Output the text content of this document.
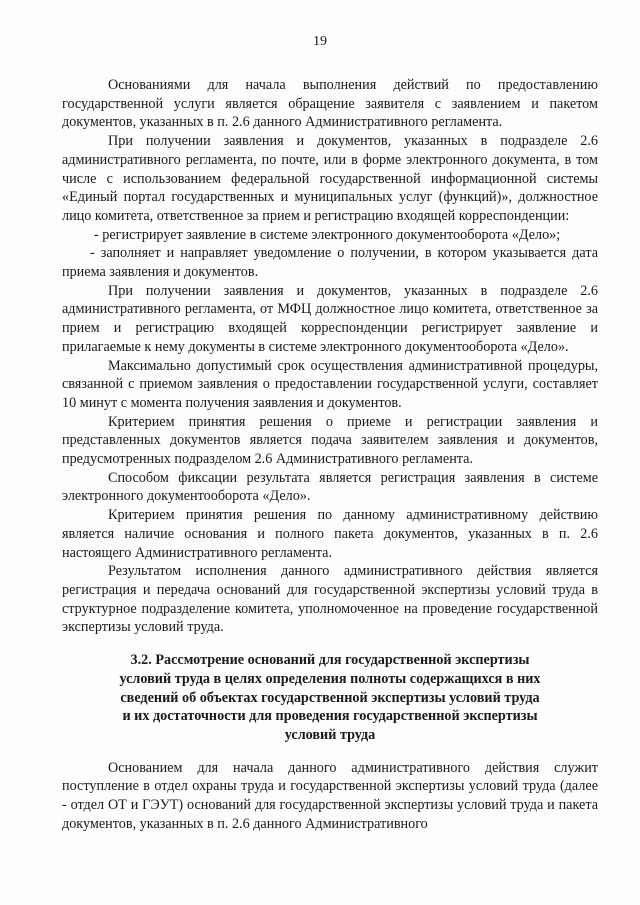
19

Основаниями для начала выполнения действий по предоставлению государственной услуги является обращение заявителя с заявлением и пакетом документов, указанных в п. 2.6 данного Административного регламента.

При получении заявления и документов, указанных в подразделе 2.6 административного регламента, по почте, или в форме электронного документа, в том числе с использованием федеральной государственной информационной системы «Единый портал государственных и муниципальных услуг (функций)», должностное лицо комитета, ответственное за прием и регистрацию входящей корреспонденции:

- регистрирует заявление в системе электронного документооборота «Дело»;

- заполняет и направляет уведомление о получении, в котором указывается дата приема заявления и документов.

При получении заявления и документов, указанных в подразделе 2.6 административного регламента, от МФЦ должностное лицо комитета, ответственное за прием и регистрацию входящей корреспонденции регистрирует заявление и прилагаемые к нему документы в системе электронного документооборота «Дело».

Максимально допустимый срок осуществления административной процедуры, связанной с приемом заявления о предоставлении государственной услуги, составляет 10 минут с момента получения заявления и документов.

Критерием принятия решения о приеме и регистрации заявления и представленных документов является подача заявителем заявления и документов, предусмотренных подразделом 2.6 Административного регламента.

Способом фиксации результата является регистрация заявления в системе электронного документооборота «Дело».

Критерием принятия решения по данному административному действию является наличие основания и полного пакета документов, указанных в п. 2.6 настоящего Административного регламента.

Результатом исполнения данного административного действия является регистрация и передача оснований для государственной экспертизы условий труда в структурное подразделение комитета, уполномоченное на проведение государственной экспертизы условий труда.

3.2. Рассмотрение оснований для государственной экспертизы
условий труда в целях определения полноты содержащихся в них
сведений об объектах государственной экспертизы условий труда
и их достаточности для проведения государственной экспертизы
условий труда

Основанием для начала данного административного действия служит поступление в отдел охраны труда и государственной экспертизы условий труда (далее - отдел ОТ и ГЭУТ) оснований для государственной экспертизы условий труда и пакета документов, указанных в п. 2.6 данного Административного
